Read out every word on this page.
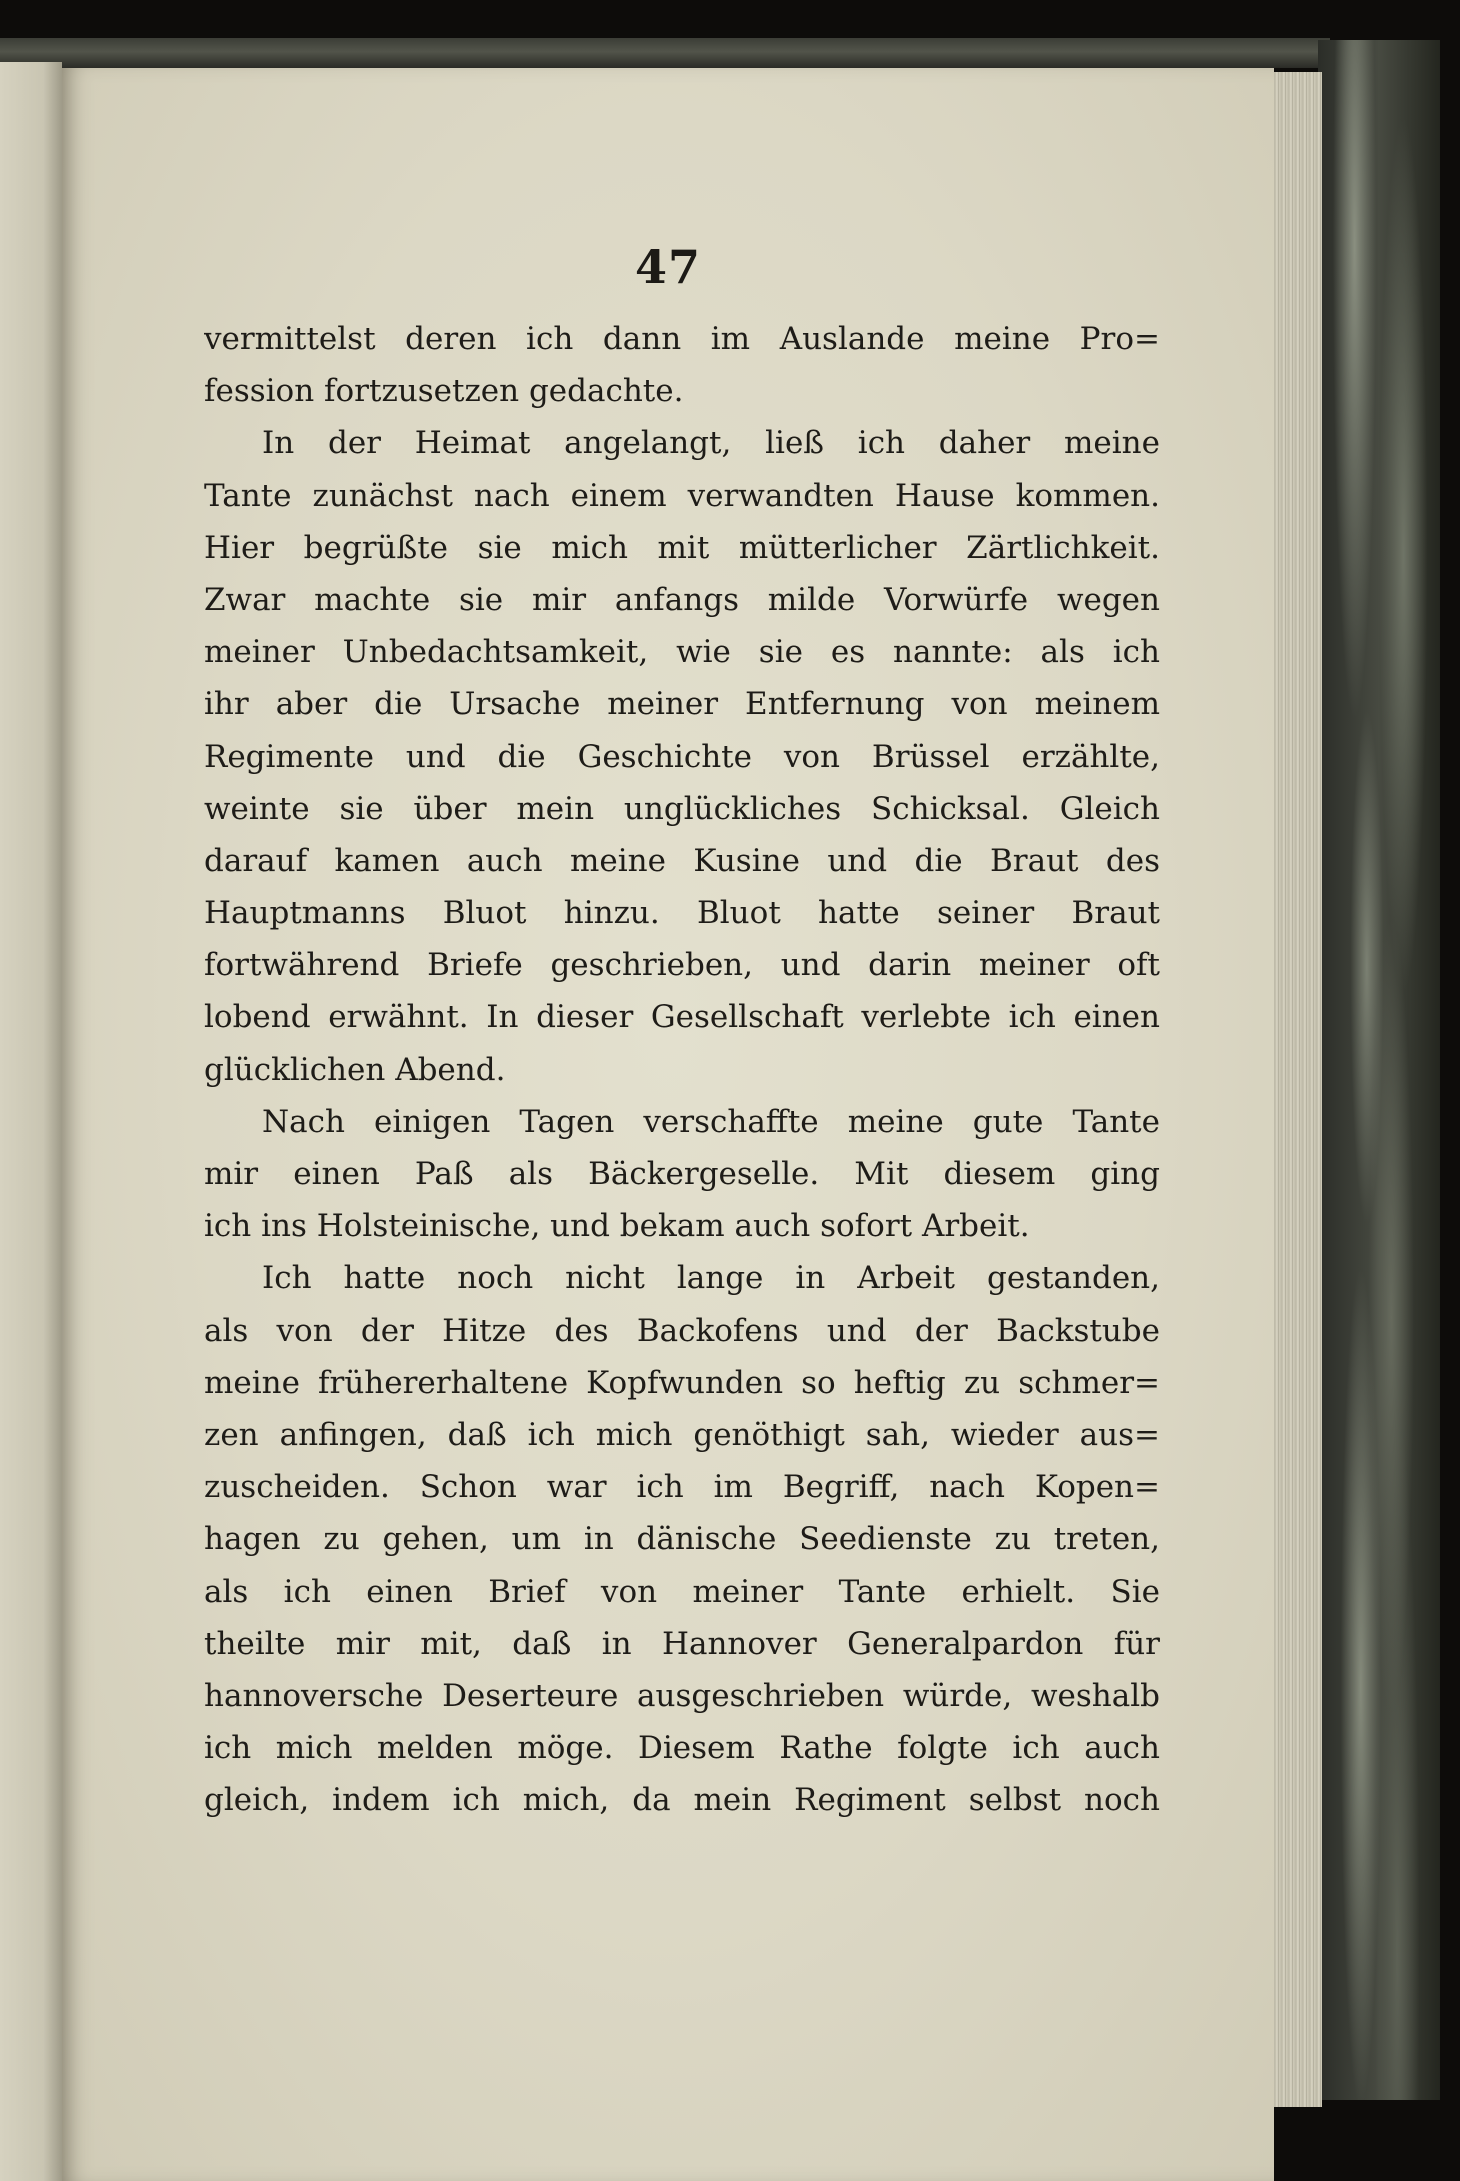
47
vermittelst deren ich dann im Auslande meine Pro=
fession fortzusetzen gedachte.
In der Heimat angelangt, ließ ich daher meine
Tante zunächst nach einem verwandten Hause kommen.
Hier begrüßte sie mich mit mütterlicher Zärtlichkeit.
Zwar machte sie mir anfangs milde Vorwürfe wegen
meiner Unbedachtsamkeit, wie sie es nannte: als ich
ihr aber die Ursache meiner Entfernung von meinem
Regimente und die Geschichte von Brüssel erzählte,
weinte sie über mein unglückliches Schicksal. Gleich
darauf kamen auch meine Kusine und die Braut des
Hauptmanns Bluot hinzu. Bluot hatte seiner Braut
fortwährend Briefe geschrieben, und darin meiner oft
lobend erwähnt. In dieser Gesellschaft verlebte ich einen
glücklichen Abend.
Nach einigen Tagen verschaffte meine gute Tante
mir einen Paß als Bäckergeselle. Mit diesem ging
ich ins Holsteinische, und bekam auch sofort Arbeit.
Ich hatte noch nicht lange in Arbeit gestanden,
als von der Hitze des Backofens und der Backstube
meine frühererhaltene Kopfwunden so heftig zu schmer=
zen anfingen, daß ich mich genöthigt sah, wieder aus=
zuscheiden. Schon war ich im Begriff, nach Kopen=
hagen zu gehen, um in dänische Seedienste zu treten,
als ich einen Brief von meiner Tante erhielt. Sie
theilte mir mit, daß in Hannover Generalpardon für
hannoversche Deserteure ausgeschrieben würde, weshalb
ich mich melden möge. Diesem Rathe folgte ich auch
gleich, indem ich mich, da mein Regiment selbst noch
